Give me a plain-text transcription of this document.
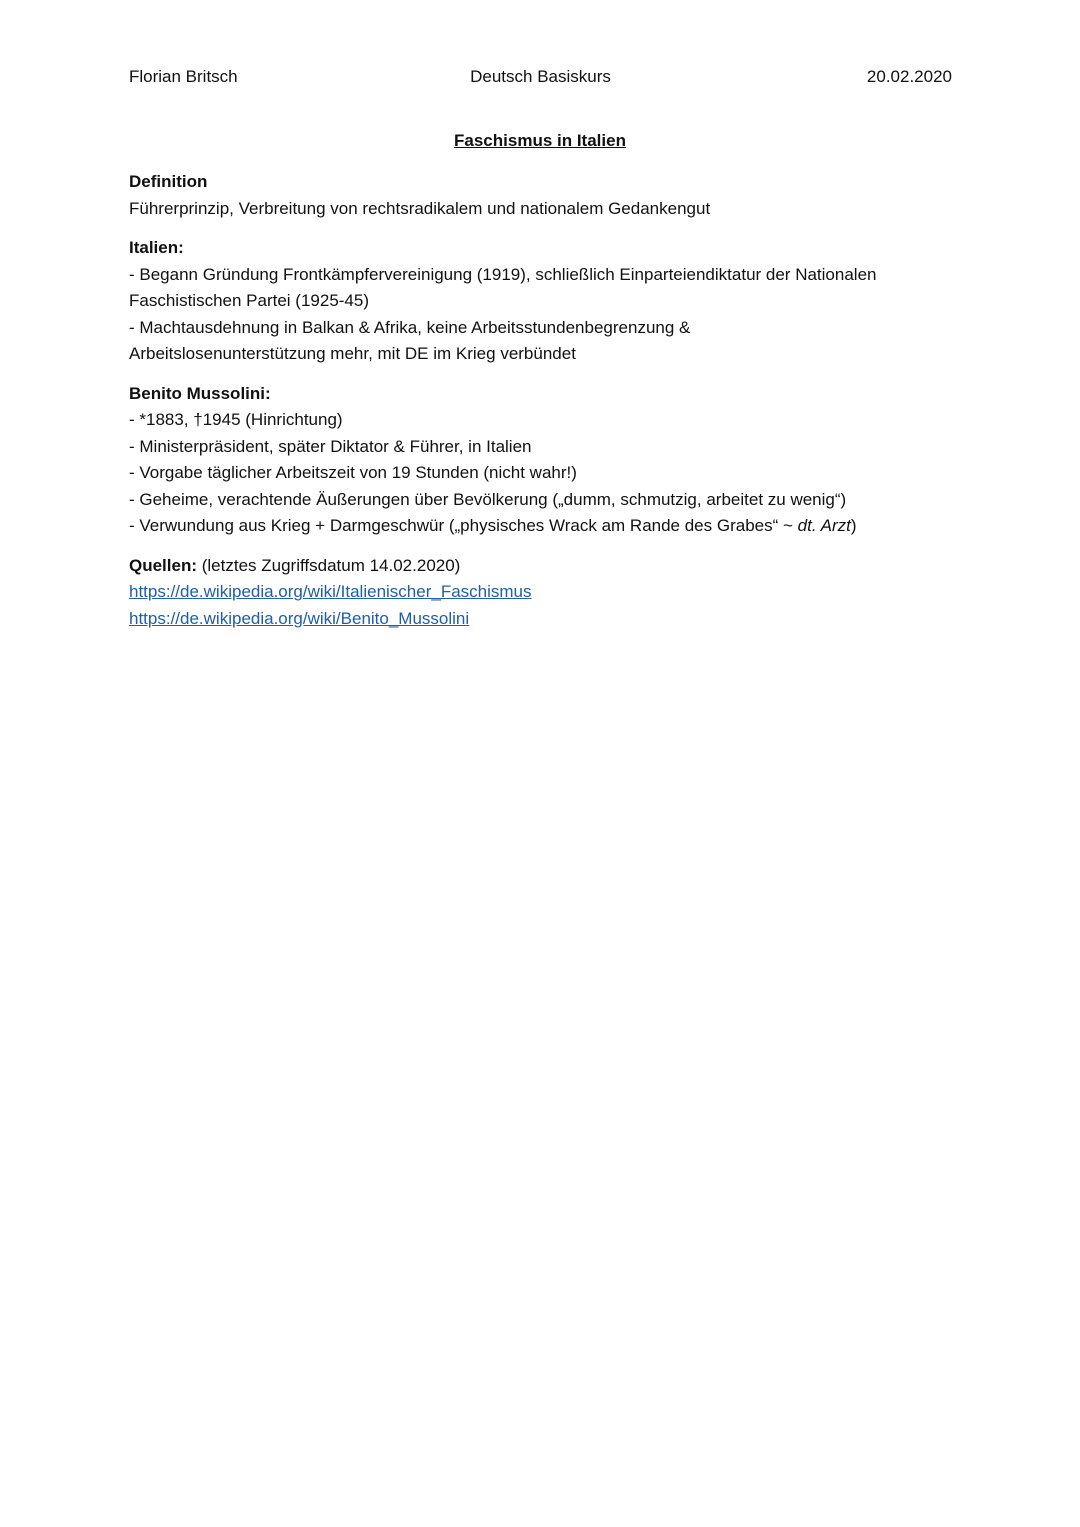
Florian Britsch	Deutsch Basiskurs	20.02.2020
Faschismus in Italien

Definition

Führerprinzip, Verbreitung von rechtsradikalem und nationalem Gedankengut

Italien:

- Begann Gründung Frontkämpfervereinigung (1919), schließlich Einparteiendiktatur der Nationalen

Faschistischen Partei (1925-45)

- Machtausdehnung in Balkan & Afrika, keine Arbeitsstundenbegrenzung &

Arbeitslosenunterstützung mehr, mit DE im Krieg verbündet

Benito Mussolini:

- *1883, †1945 (Hinrichtung)

- Ministerpräsident, später Diktator & Führer, in Italien

- Vorgabe täglicher Arbeitszeit von 19 Stunden (nicht wahr!)

- Geheime, verachtende Äußerungen über Bevölkerung („dumm, schmutzig, arbeitet zu wenig“)

- Verwundung aus Krieg + Darmgeschwür („physisches Wrack am Rande des Grabes“ ~ dt. Arzt)

Quellen: (letztes Zugriffsdatum 14.02.2020)

https://de.wikipedia.org/wiki/Italienischer_Faschismus
https://de.wikipedia.org/wiki/Benito_Mussolini
